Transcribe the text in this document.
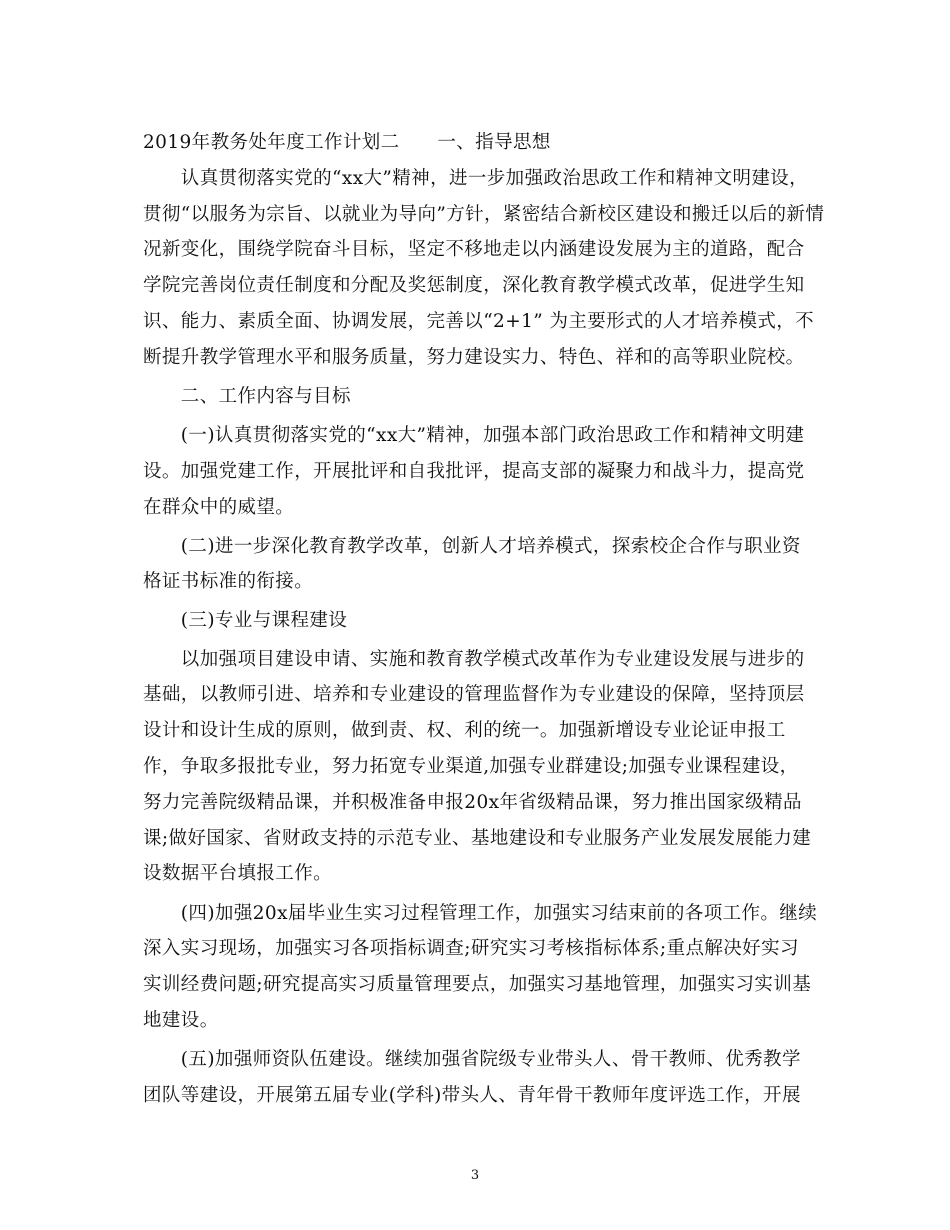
2019年教务处年度工作计划二　　一、指导思想
　　认真贯彻落实党的“xx大”精神，进一步加强政治思政工作和精神文明建设，
贯彻“以服务为宗旨、以就业为导向”方针，紧密结合新校区建设和搬迁以后的新情
况新变化，围绕学院奋斗目标，坚定不移地走以内涵建设发展为主的道路，配合
学院完善岗位责任制度和分配及奖惩制度，深化教育教学模式改革，促进学生知
识、能力、素质全面、协调发展，完善以“2+1” 为主要形式的人才培养模式，不
断提升教学管理水平和服务质量，努力建设实力、特色、祥和的高等职业院校。
　　二、工作内容与目标
　　(一)认真贯彻落实党的“xx大”精神，加强本部门政治思政工作和精神文明建
设。加强党建工作，开展批评和自我批评，提高支部的凝聚力和战斗力，提高党
在群众中的威望。
　　(二)进一步深化教育教学改革，创新人才培养模式，探索校企合作与职业资
格证书标准的衔接。
　　(三)专业与课程建设
　　以加强项目建设申请、实施和教育教学模式改革作为专业建设发展与进步的
基础，以教师引进、培养和专业建设的管理监督作为专业建设的保障，坚持顶层
设计和设计生成的原则，做到责、权、利的统一。加强新增设专业论证申报工
作，争取多报批专业，努力拓宽专业渠道,加强专业群建设;加强专业课程建设，
努力完善院级精品课，并积极准备申报20x年省级精品课，努力推出国家级精品
课;做好国家、省财政支持的示范专业、基地建设和专业服务产业发展发展能力建
设数据平台填报工作。
　　(四)加强20x届毕业生实习过程管理工作，加强实习结束前的各项工作。继续
深入实习现场，加强实习各项指标调查;研究实习考核指标体系;重点解决好实习
实训经费问题;研究提高实习质量管理要点，加强实习基地管理，加强实习实训基
地建设。
　　(五)加强师资队伍建设。继续加强省院级专业带头人、骨干教师、优秀教学
团队等建设，开展第五届专业(学科)带头人、青年骨干教师年度评选工作，开展
3
